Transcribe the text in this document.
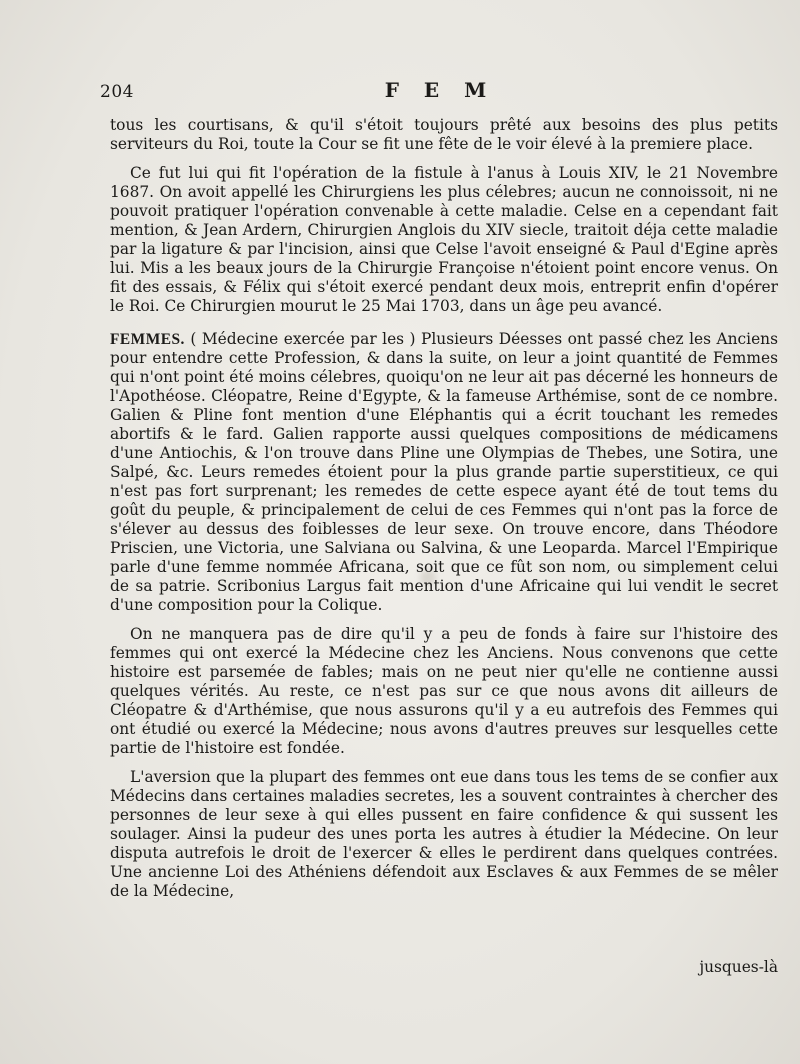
204	F E M

tous les courtisans, & qu'il s'étoit toujours prêté aux besoins des plus petits serviteurs du Roi, toute la Cour se fit une fête de le voir élevé à la premiere place.

Ce fut lui qui fit l'opération de la fistule à l'anus à Louis XIV, le 21 Novembre 1687. On avoit appellé les Chirurgiens les plus célebres; aucun ne connoissoit, ni ne pouvoit pratiquer l'opération convenable à cette maladie. Celse en a cependant fait mention, & Jean Ardern, Chirurgien Anglois du XIV siecle, traitoit déja cette maladie par la ligature & par l'incision, ainsi que Celse l'avoit enseigné & Paul d'Egine après lui. Mis a les beaux jours de la Chirurgie Françoise n'étoient point encore venus. On fit des essais, & Félix qui s'étoit exercé pendant deux mois, entreprit enfin d'opérer le Roi. Ce Chirurgien mourut le 25 Mai 1703, dans un âge peu avancé.

FEMMES. ( Médecine exercée par les ) Plusieurs Déesses ont passé chez les Anciens pour entendre cette Profession, & dans la suite, on leur a joint quantité de Femmes qui n'ont point été moins célebres, quoiqu'on ne leur ait pas décerné les honneurs de l'Apothéose. Cléopatre, Reine d'Egypte, & la fameuse Arthémise, sont de ce nombre. Galien & Pline font mention d'une Eléphantis qui a écrit touchant les remedes abortifs & le fard. Galien rapporte aussi quelques compositions de médicamens d'une Antiochis, & l'on trouve dans Pline une Olympias de Thebes, une Sotira, une Salpé, &c. Leurs remedes étoient pour la plus grande partie superstitieux, ce qui n'est pas fort surprenant; les remedes de cette espece ayant été de tout tems du goût du peuple, & principalement de celui de ces Femmes qui n'ont pas la force de s'élever au dessus des foiblesses de leur sexe. On trouve encore, dans Théodore Priscien, une Victoria, une Salviana ou Salvina, & une Leoparda. Marcel l'Empirique parle d'une femme nommée Africana, soit que ce fût son nom, ou simplement celui de sa patrie. Scribonius Largus fait mention d'une Africaine qui lui vendit le secret d'une composition pour la Colique.

On ne manquera pas de dire qu'il y a peu de fonds à faire sur l'histoire des femmes qui ont exercé la Médecine chez les Anciens. Nous convenons que cette histoire est parsemée de fables; mais on ne peut nier qu'elle ne contienne aussi quelques vérités. Au reste, ce n'est pas sur ce que nous avons dit ailleurs de Cléopatre & d'Arthémise, que nous assurons qu'il y a eu autrefois des Femmes qui ont étudié ou exercé la Médecine; nous avons d'autres preuves sur lesquelles cette partie de l'histoire est fondée.

L'aversion que la plupart des femmes ont eue dans tous les tems de se confier aux Médecins dans certaines maladies secretes, les a souvent contraintes à chercher des personnes de leur sexe à qui elles pussent en faire confidence & qui sussent les soulager. Ainsi la pudeur des unes porta les autres à étudier la Médecine. On leur disputa autrefois le droit de l'exercer & elles le perdirent dans quelques contrées. Une ancienne Loi des Athéniens défendoit aux Esclaves & aux Femmes de se mêler de la Médecine,

jusques-là
